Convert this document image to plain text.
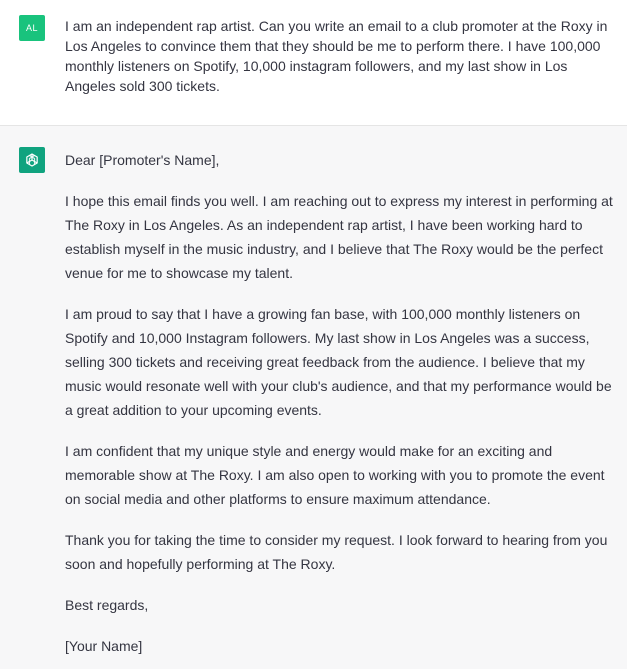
AL	I am an independent rap artist. Can you write an email to a club promoter at the Roxy in Los Angeles to convince them that they should be me to perform there. I have 100,000 monthly listeners on Spotify, 10,000 instagram followers, and my last show in Los Angeles sold 300 tickets.

Dear [Promoter's Name],

I hope this email finds you well. I am reaching out to express my interest in performing at The Roxy in Los Angeles. As an independent rap artist, I have been working hard to establish myself in the music industry, and I believe that The Roxy would be the perfect venue for me to showcase my talent.

I am proud to say that I have a growing fan base, with 100,000 monthly listeners on Spotify and 10,000 Instagram followers. My last show in Los Angeles was a success, selling 300 tickets and receiving great feedback from the audience. I believe that my music would resonate well with your club's audience, and that my performance would be a great addition to your upcoming events.

I am confident that my unique style and energy would make for an exciting and memorable show at The Roxy. I am also open to working with you to promote the event on social media and other platforms to ensure maximum attendance.

Thank you for taking the time to consider my request. I look forward to hearing from you soon and hopefully performing at The Roxy.

Best regards,

[Your Name]
